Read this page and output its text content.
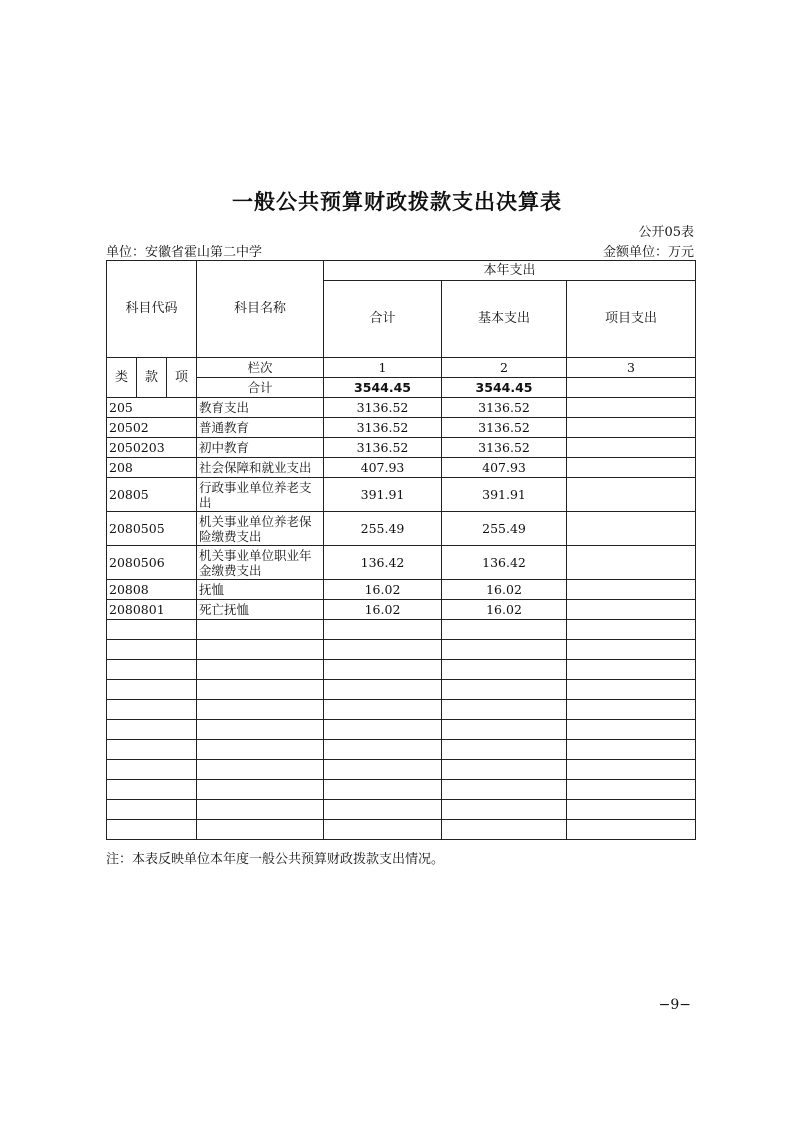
一般公共预算财政拨款支出决算表
公开05表
单位：安徽省霍山第二中学	金额单位：万元
科目代码			科目名称	本年支出		
				合计	基本支出	项目支出
类	款	项	栏次	1	2	3
			合计	3544.45	3544.45	
205			教育支出	3136.52	3136.52	
20502			普通教育	3136.52	3136.52	
2050203			初中教育	3136.52	3136.52	
208			社会保障和就业支出	407.93	407.93	
20805			行政事业单位养老支出	391.91	391.91	
2080505			机关事业单位养老保险缴费支出	255.49	255.49	
2080506			机关事业单位职业年金缴费支出	136.42	136.42	
20808			抚恤	16.02	16.02	
2080801			死亡抚恤	16.02	16.02	

注：本表反映单位本年度一般公共预算财政拨款支出情况。
−9−
